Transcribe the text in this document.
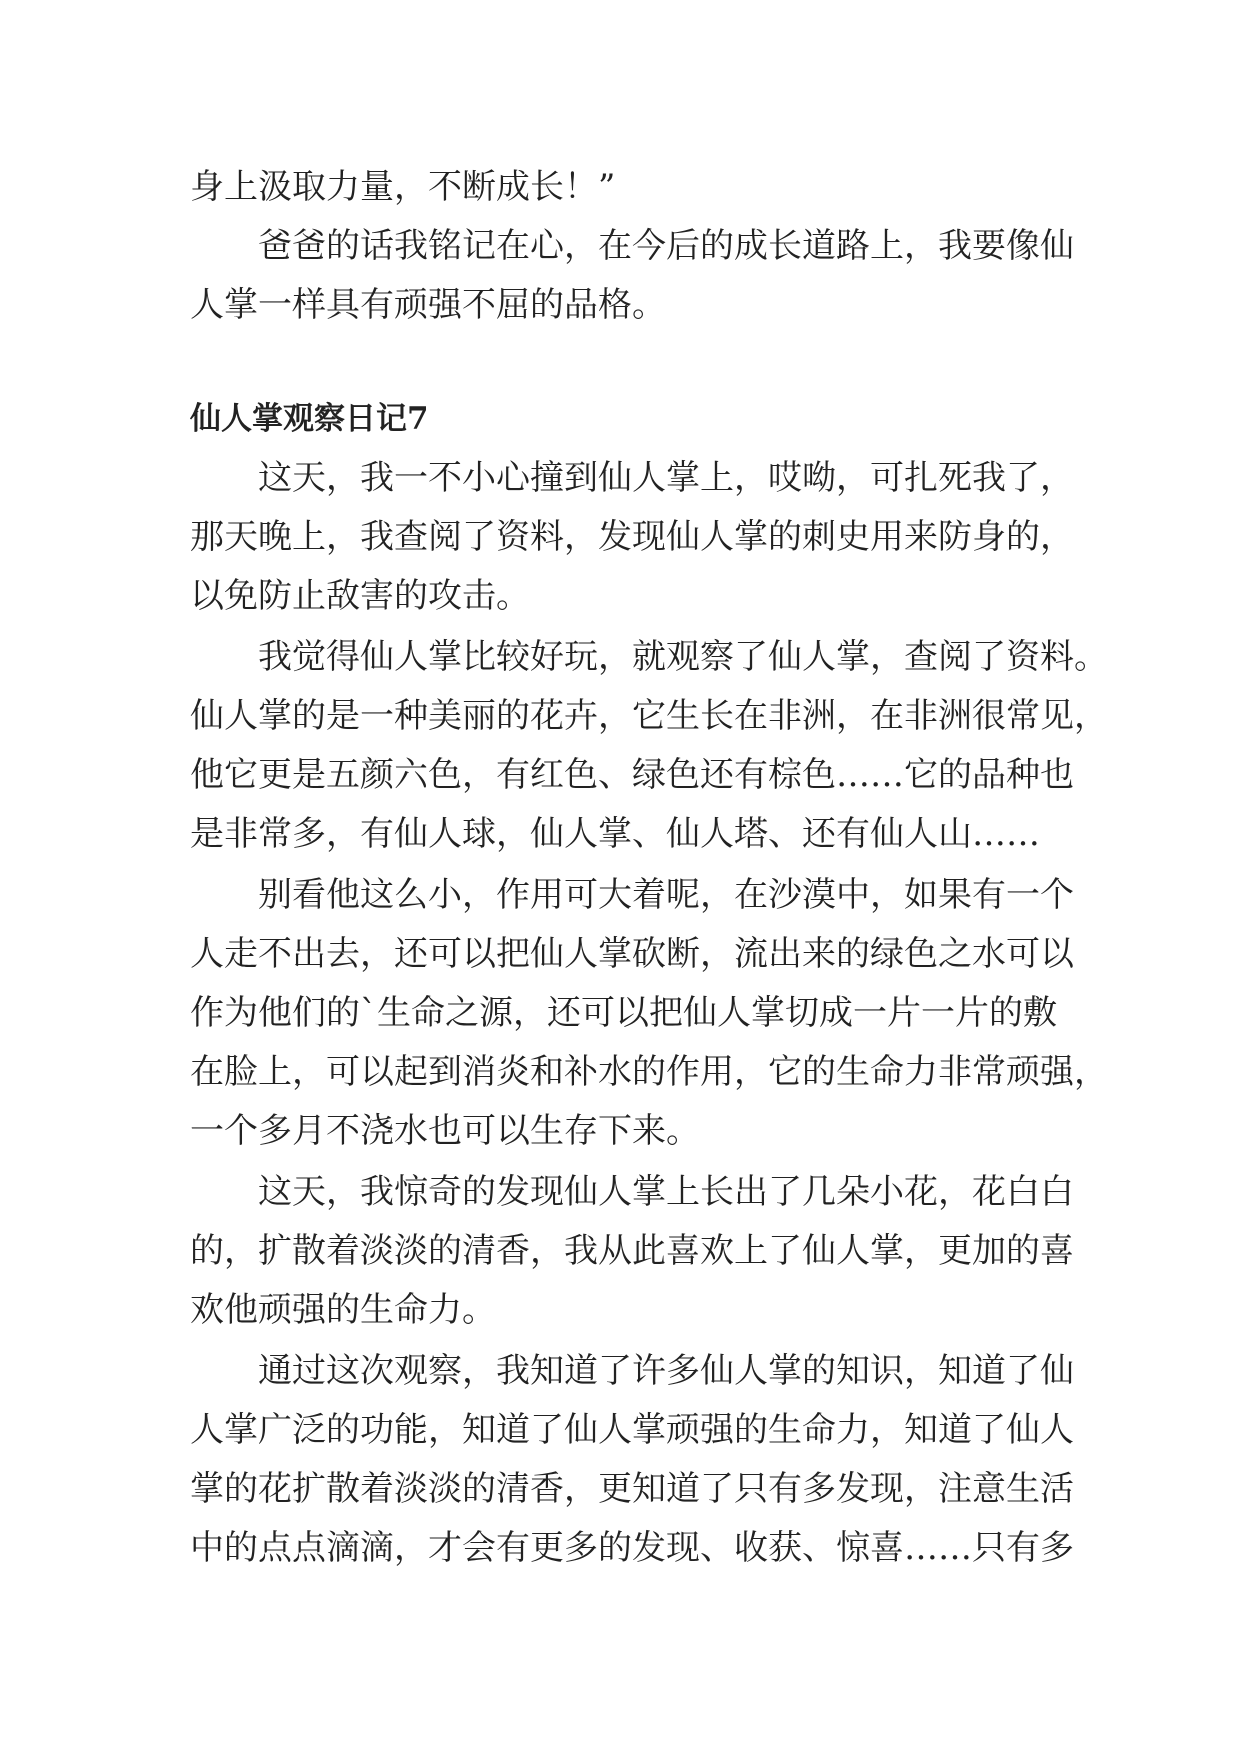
身上汲取力量，不断成长！”

爸爸的话我铭记在心，在今后的成长道路上，我要像仙

人掌一样具有顽强不屈的品格。

仙人掌观察日记7

这天，我一不小心撞到仙人掌上，哎呦，可扎死我了，

那天晚上，我查阅了资料，发现仙人掌的刺史用来防身的，

以免防止敌害的攻击。

我觉得仙人掌比较好玩，就观察了仙人掌，查阅了资料。

仙人掌的是一种美丽的花卉，它生长在非洲，在非洲很常见，

他它更是五颜六色，有红色、绿色还有棕色……它的品种也

是非常多，有仙人球，仙人掌、仙人塔、还有仙人山……

别看他这么小，作用可大着呢，在沙漠中，如果有一个

人走不出去，还可以把仙人掌砍断，流出来的绿色之水可以

作为他们的`生命之源，还可以把仙人掌切成一片一片的敷

在脸上，可以起到消炎和补水的作用，它的生命力非常顽强，

一个多月不浇水也可以生存下来。

这天，我惊奇的发现仙人掌上长出了几朵小花，花白白

的，扩散着淡淡的清香，我从此喜欢上了仙人掌，更加的喜

欢他顽强的生命力。

通过这次观察，我知道了许多仙人掌的知识，知道了仙

人掌广泛的功能，知道了仙人掌顽强的生命力，知道了仙人

掌的花扩散着淡淡的清香，更知道了只有多发现，注意生活

中的点点滴滴，才会有更多的发现、收获、惊喜……只有多
